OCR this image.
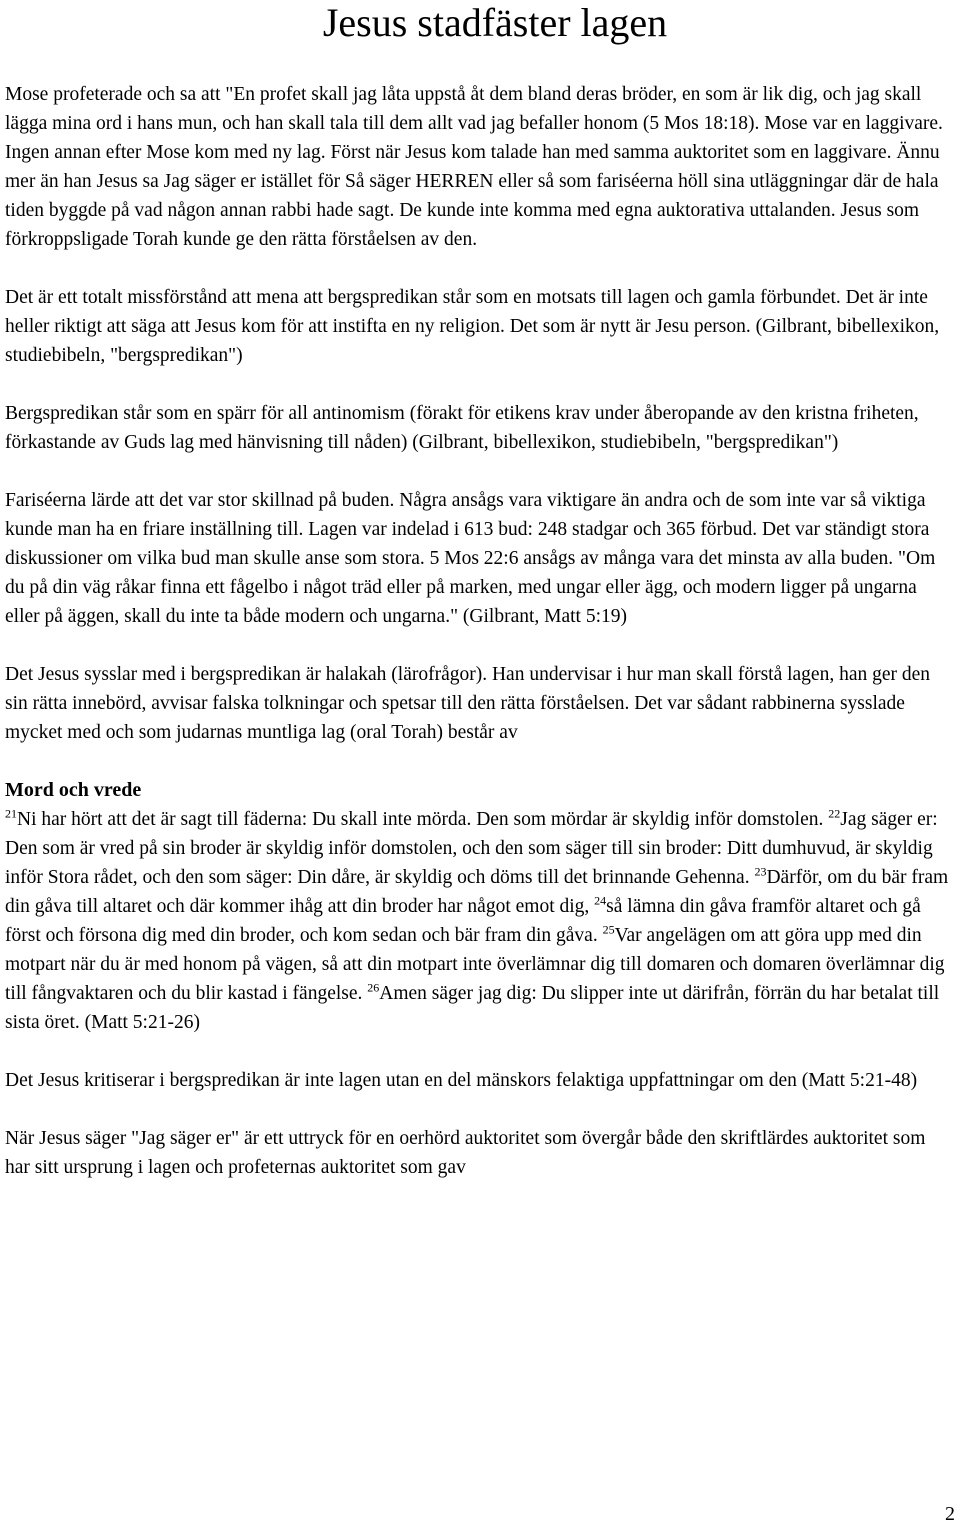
Jesus stadfäster lagen

Mose profeterade och sa att "En profet skall jag låta uppstå åt dem bland deras bröder, en som är lik dig, och jag skall lägga mina ord i hans mun, och han skall tala till dem allt vad jag befaller honom (5 Mos 18:18). Mose var en laggivare. Ingen annan efter Mose kom med ny lag. Först när Jesus kom talade han med samma auktoritet som en laggivare. Ännu mer än han Jesus sa Jag säger er istället för Så säger HERREN eller så som fariséerna höll sina utläggningar där de hala tiden byggde på vad någon annan rabbi hade sagt. De kunde inte komma med egna auktorativa uttalanden. Jesus som förkroppsligade Torah kunde ge den rätta förståelsen av den.

Det är ett totalt missförstånd att mena att bergspredikan står som en motsats till lagen och gamla förbundet. Det är inte heller riktigt att säga att Jesus kom för att instifta en ny religion. Det som är nytt är Jesu person. (Gilbrant, bibellexikon, studiebibeln, "bergspredikan")

Bergspredikan står som en spärr för all antinomism (förakt för etikens krav under åberopande av den kristna friheten, förkastande av Guds lag med hänvisning till nåden) (Gilbrant, bibellexikon, studiebibeln, "bergspredikan")

Fariséerna lärde att det var stor skillnad på buden. Några ansågs vara viktigare än andra och de som inte var så viktiga kunde man ha en friare inställning till. Lagen var indelad i 613 bud: 248 stadgar och 365 förbud. Det var ständigt stora diskussioner om vilka bud man skulle anse som stora. 5 Mos 22:6 ansågs av många vara det minsta av alla buden. "Om du på din väg råkar finna ett fågelbo i något träd eller på marken, med ungar eller ägg, och modern ligger på ungarna eller på äggen, skall du inte ta både modern och ungarna." (Gilbrant, Matt 5:19)

Det Jesus sysslar med i bergspredikan är halakah (lärofrågor). Han undervisar i hur man skall förstå lagen, han ger den sin rätta innebörd, avvisar falska tolkningar och spetsar till den rätta förståelsen. Det var sådant rabbinerna sysslade mycket med och som judarnas muntliga lag (oral Torah) består av

Mord och vrede

$^{21}$Ni har hört att det är sagt till fäderna: Du skall inte mörda. Den som mördar är skyldig inför domstolen. $^{22}$Jag säger er: Den som är vred på sin broder är skyldig inför domstolen, och den som säger till sin broder: Ditt dumhuvud, är skyldig inför Stora rådet, och den som säger: Din dåre, är skyldig och döms till det brinnande Gehenna. $^{23}$Därför, om du bär fram din gåva till altaret och där kommer ihåg att din broder har något emot dig, $^{24}$så lämna din gåva framför altaret och gå först och försona dig med din broder, och kom sedan och bär fram din gåva. $^{25}$Var angelägen om att göra upp med din motpart när du är med honom på vägen, så att din motpart inte överlämnar dig till domaren och domaren överlämnar dig till fångvaktaren och du blir kastad i fängelse. $^{26}$Amen säger jag dig: Du slipper inte ut därifrån, förrän du har betalat till sista öret. (Matt 5:21-26)

Det Jesus kritiserar i bergspredikan är inte lagen utan en del mänskors felaktiga uppfattningar om den (Matt 5:21-48)

När Jesus säger "Jag säger er" är ett uttryck för en oerhörd auktoritet som övergår både den skriftlärdes auktoritet som har sitt ursprung i lagen och profeternas auktoritet som gav

2
